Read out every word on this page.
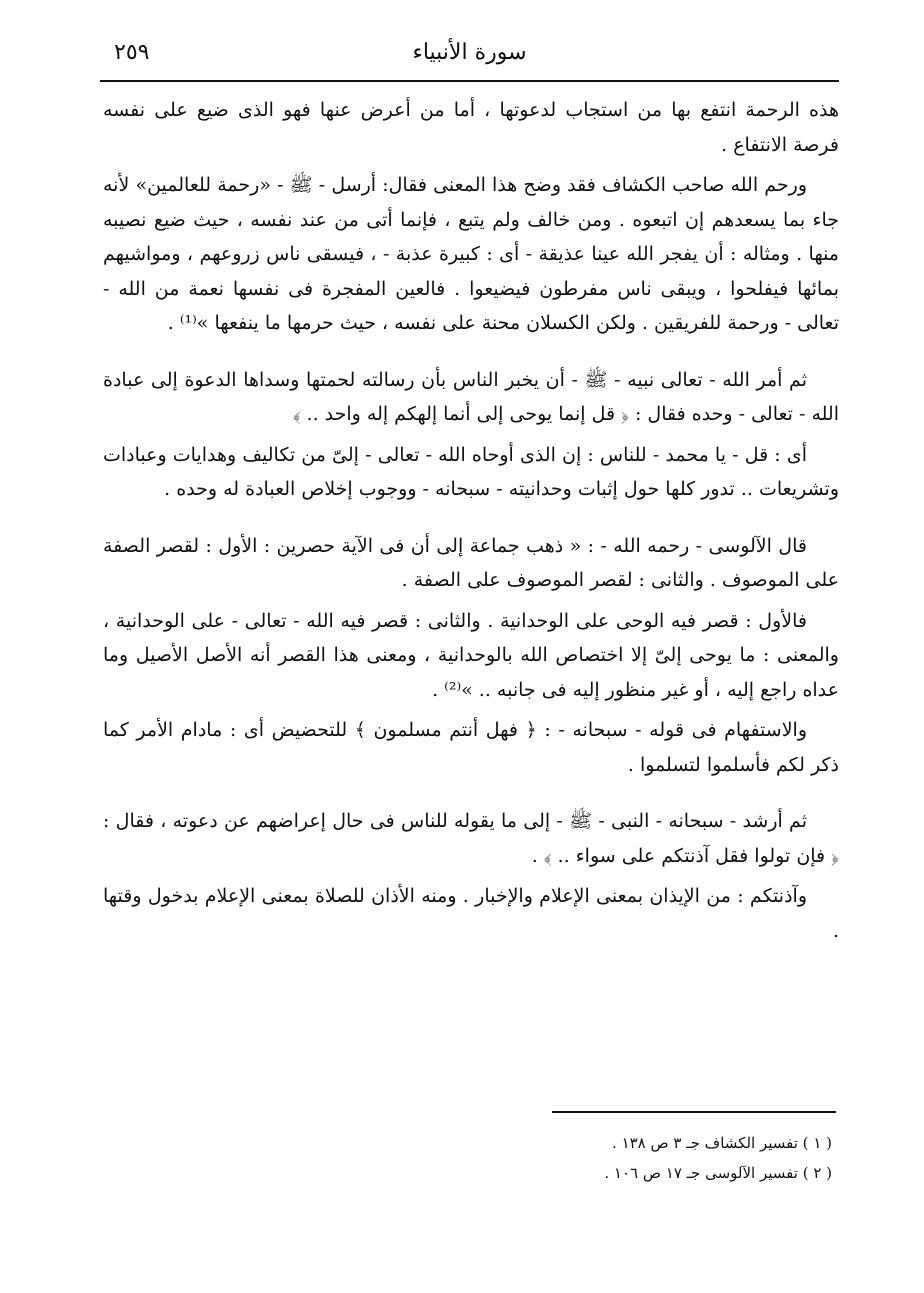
٢٥٩	سورة الأنبياء

هذه الرحمة انتفع بها من استجاب لدعوتها ، أما من أعرض عنها فهو الذى ضيع على نفسه فرصة الانتفاع .

ورحم الله صاحب الكشاف فقد وضح هذا المعنى فقال: أرسل - ﷺ - «رحمة للعالمين» لأنه جاء بما يسعدهم إن اتبعوه . ومن خالف ولم يتبع ، فإنما أتى من عند نفسه ، حيث ضيع نصيبه منها . ومثاله : أن يفجر الله عينا عذيقة - أى : كبيرة عذبة - ، فيسقى ناس زروعهم ، ومواشيهم بمائها فيفلحوا ، ويبقى ناس مفرطون فيضيعوا . فالعين المفجرة فى نفسها نعمة من الله - تعالى - ورحمة للفريقين . ولكن الكسلان محنة على نفسه ، حيث حرمها ما ينفعها »⁽¹⁾ .

ثم أمر الله - تعالى نبيه - ﷺ - أن يخبر الناس بأن رسالته لحمتها وسداها الدعوة إلى عبادة الله - تعالى - وحده فقال : ﴿ قل إنما يوحى إلى أنما إلهكم إله واحد .. ﴾

أى : قل - يا محمد - للناس : إن الذى أوحاه الله - تعالى - إلىّ من تكاليف وهدايات وعبادات وتشريعات .. تدور كلها حول إثبات وحدانيته - سبحانه - ووجوب إخلاص العبادة له وحده .

قال الآلوسى - رحمه الله - : « ذهب جماعة إلى أن فى الآية حصرين : الأول : لقصر الصفة على الموصوف . والثانى : لقصر الموصوف على الصفة .

فالأول : قصر فيه الوحى على الوحدانية . والثانى : قصر فيه الله - تعالى - على الوحدانية ، والمعنى : ما يوحى إلىّ إلا اختصاص الله بالوحدانية ، ومعنى هذا القصر أنه الأصل الأصيل وما عداه راجع إليه ، أو غير منظور إليه فى جانبه .. »⁽²⁾ .

والاستفهام فى قوله - سبحانه - : ﴿ فهل أنتم مسلمون ﴾ للتحضيض أى : مادام الأمر كما ذكر لكم فأسلموا لتسلموا .

ثم أرشد - سبحانه - النبى - ﷺ - إلى ما يقوله للناس فى حال إعراضهم عن دعوته ، فقال : ﴿ فإن تولوا فقل آذنتكم على سواء .. ﴾ .

وآذنتكم : من الإيذان بمعنى الإعلام والإخبار . ومنه الأذان للصلاة بمعنى الإعلام بدخول وقتها .

( ١ ) تفسير الكشاف جـ ٣ ص ١٣٨ .
( ٢ ) تفسير الآلوسى جـ ١٧ ص ١٠٦ .
